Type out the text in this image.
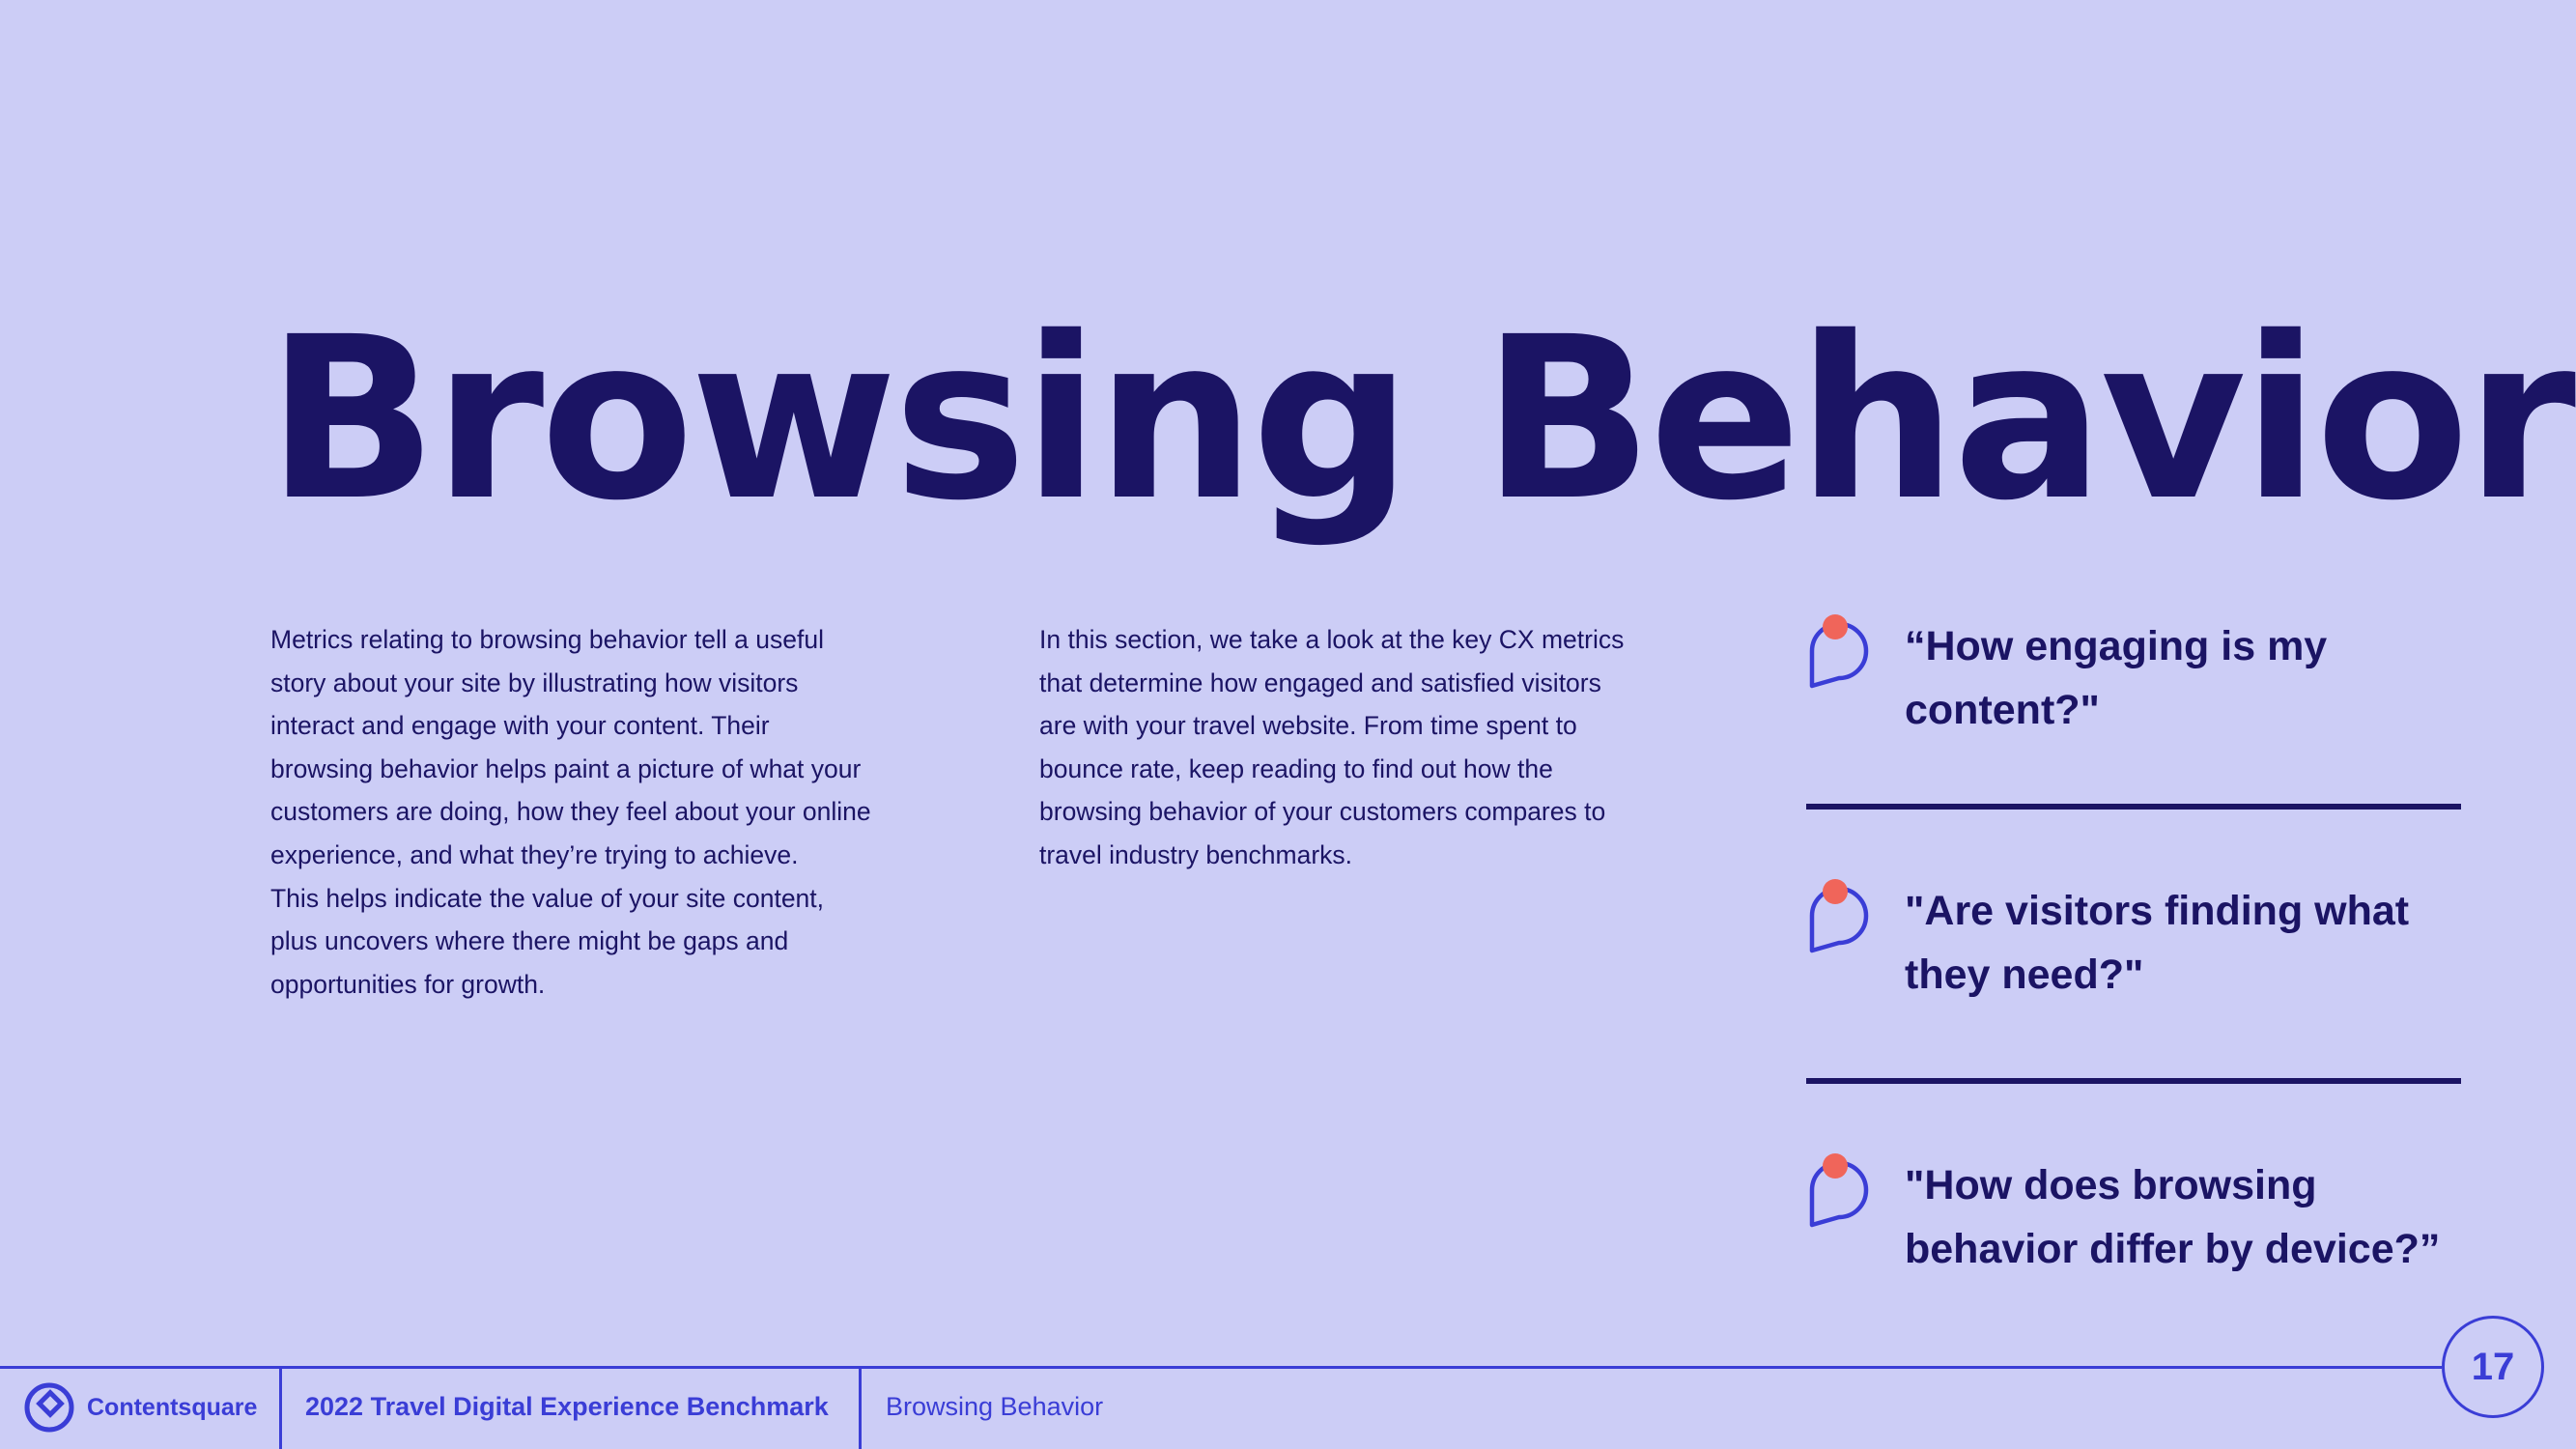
Browsing Behavior

Metrics relating to browsing behavior tell a useful

story about your site by illustrating how visitors

interact and engage with your content. Their

browsing behavior helps paint a picture of what your

customers are doing, how they feel about your online

experience, and what they’re trying to achieve.

This helps indicate the value of your site content,

plus uncovers where there might be gaps and

opportunities for growth.

In this section, we take a look at the key CX metrics

that determine how engaged and satisfied visitors

are with your travel website. From time spent to

bounce rate, keep reading to find out how the

browsing behavior of your customers compares to

travel industry benchmarks.

“How engaging is my
content?"
"Are visitors finding what
they need?"
"How does browsing
behavior differ by device?”
Contentsquare 2022 Travel Digital Experience Benchmark Browsing Behavior
17
